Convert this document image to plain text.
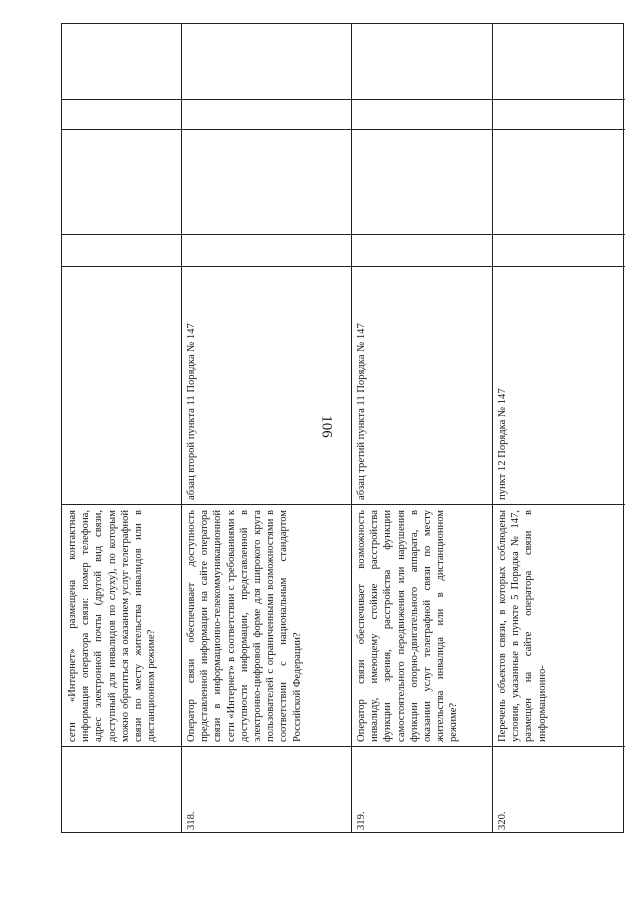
106
сети «Интернет» размещена контактная информация оператора связи: номер телефона, адрес электронной почты (другой вид связи, доступный для инвалидов по слуху), по которым можно обратиться за оказанием услуг телеграфной связи по месту жительства инвалидов или в дистанционном режиме?
318.
Оператор связи обеспечивает доступность представленной информации на сайте оператора связи в информационно-телекоммуникационной сети «Интернет» в соответствии с требованиями к доступности информации, представленной в электронно-цифровой форме для широкого круга пользователей с ограниченными возможностями в соответствии с национальным стандартом Российской Федерации?
абзац второй пункта 11 Порядка № 147
319.
Оператор связи обеспечивает возможность инвалиду, имеющему стойкие расстройства функции зрения, расстройства функции самостоятельного передвижения или нарушения функции опорно-двигательного аппарата, в оказании услуг телеграфной связи по месту жительства инвалида или в дистанционном режиме?
абзац третий пункта 11 Порядка № 147
320.
Перечень объектов связи, в которых соблюдены условия, указанные в пункте 5 Порядка № 147, размещен на сайте оператора связи в информационно-
пункт 12 Порядка № 147
